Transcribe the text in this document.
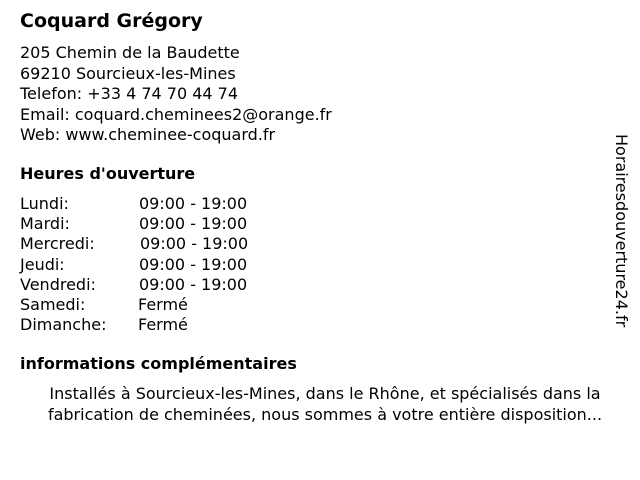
Coquard Grégory
205 Chemin de la Baudette
69210 Sourcieux-les-Mines
Telefon: +33 4 74 70 44 74
Email: coquard.cheminees2@orange.fr
Web: www.cheminee-coquard.fr
Heures d'ouverture
Lundi:	09:00 - 19:00
Mardi:	09:00 - 19:00
Mercredi:	09:00 - 19:00
Jeudi:	09:00 - 19:00
Vendredi:	09:00 - 19:00
Samedi:	Fermé
Dimanche: Fermé
informations complémentaires
Installés à Sourcieux-les-Mines, dans le Rhône, et spécialisés dans la
fabrication de cheminées, nous sommes à votre entière disposition...
Horairesdouverture24.fr
